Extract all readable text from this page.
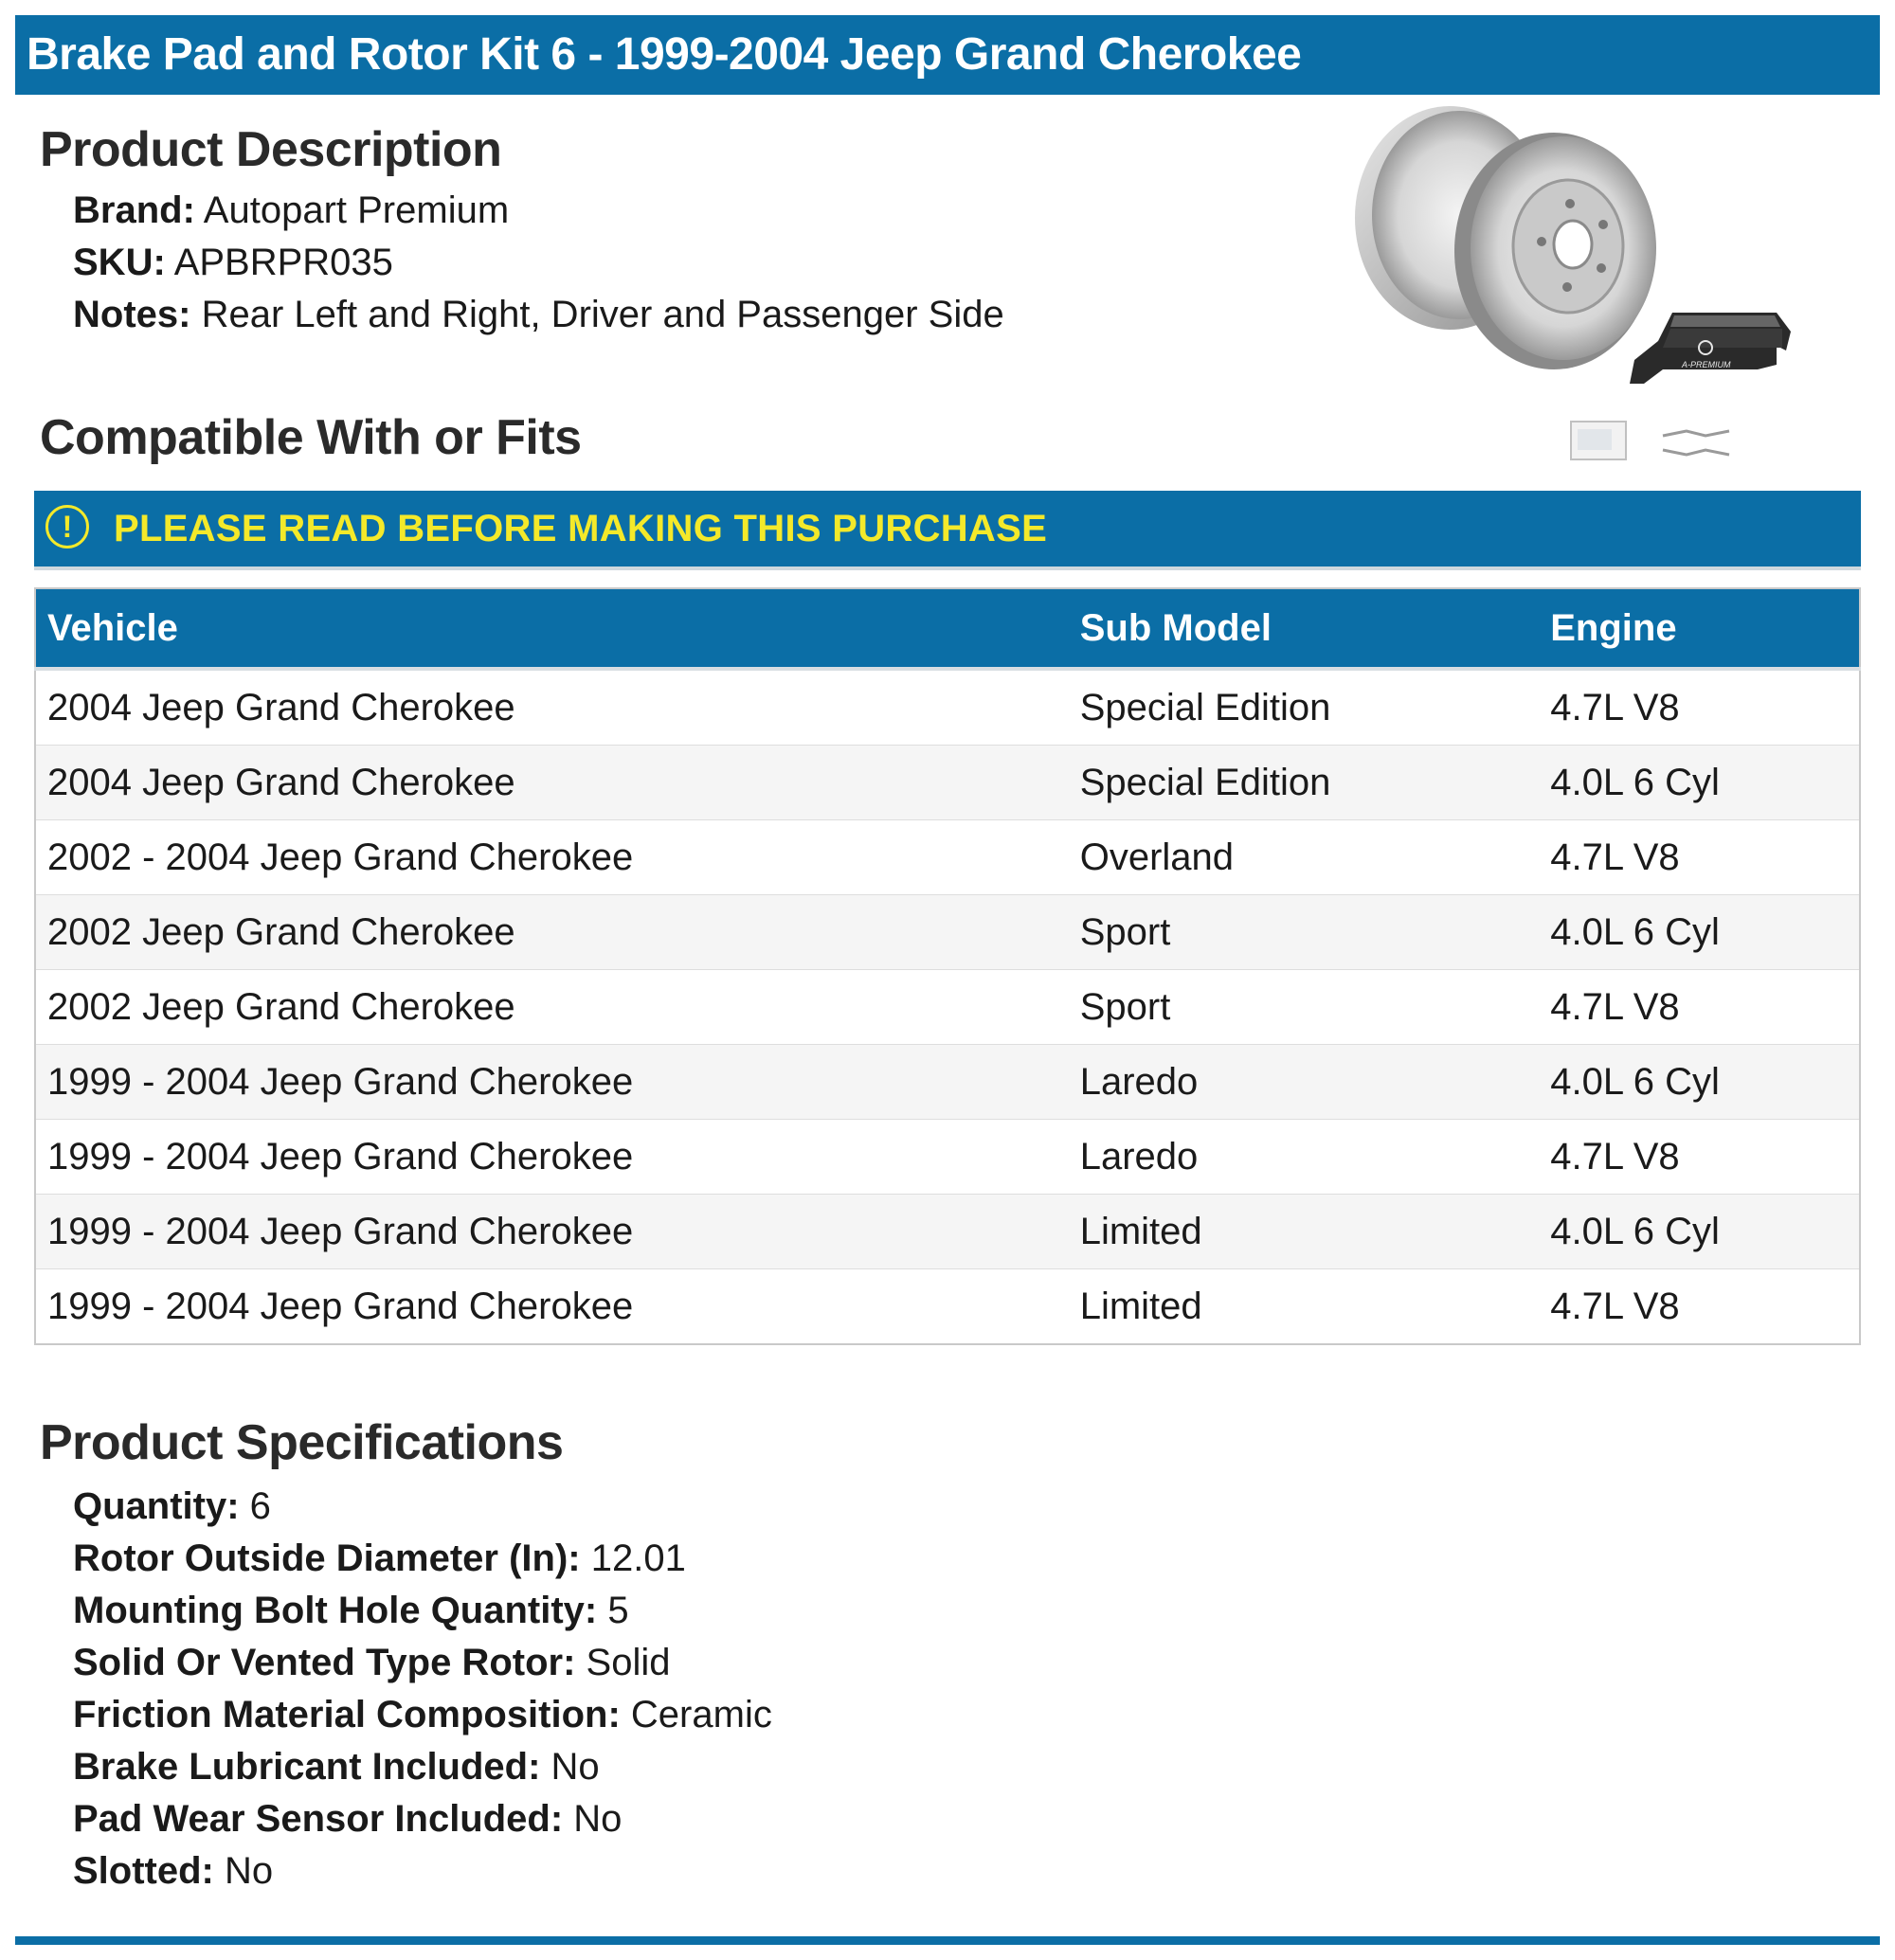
Brake Pad and Rotor Kit 6 - 1999-2004 Jeep Grand Cherokee
Product Description
Brand: Autopart Premium
SKU: APBRPR035
Notes: Rear Left and Right, Driver and Passenger Side
A-PREMIUM
Compatible With or Fits
!	PLEASE READ BEFORE MAKING THIS PURCHASE
Vehicle	Sub Model	Engine
2004 Jeep Grand Cherokee	Special Edition	4.7L V8
2004 Jeep Grand Cherokee	Special Edition	4.0L 6 Cyl
2002 - 2004 Jeep Grand Cherokee	Overland	4.7L V8
2002 Jeep Grand Cherokee	Sport	4.0L 6 Cyl
2002 Jeep Grand Cherokee	Sport	4.7L V8
1999 - 2004 Jeep Grand Cherokee	Laredo	4.0L 6 Cyl
1999 - 2004 Jeep Grand Cherokee	Laredo	4.7L V8
1999 - 2004 Jeep Grand Cherokee	Limited	4.0L 6 Cyl
1999 - 2004 Jeep Grand Cherokee	Limited	4.7L V8
Product Specifications
Quantity: 6
Rotor Outside Diameter (In): 12.01
Mounting Bolt Hole Quantity: 5
Solid Or Vented Type Rotor: Solid
Friction Material Composition: Ceramic
Brake Lubricant Included: No
Pad Wear Sensor Included: No
Slotted: No
